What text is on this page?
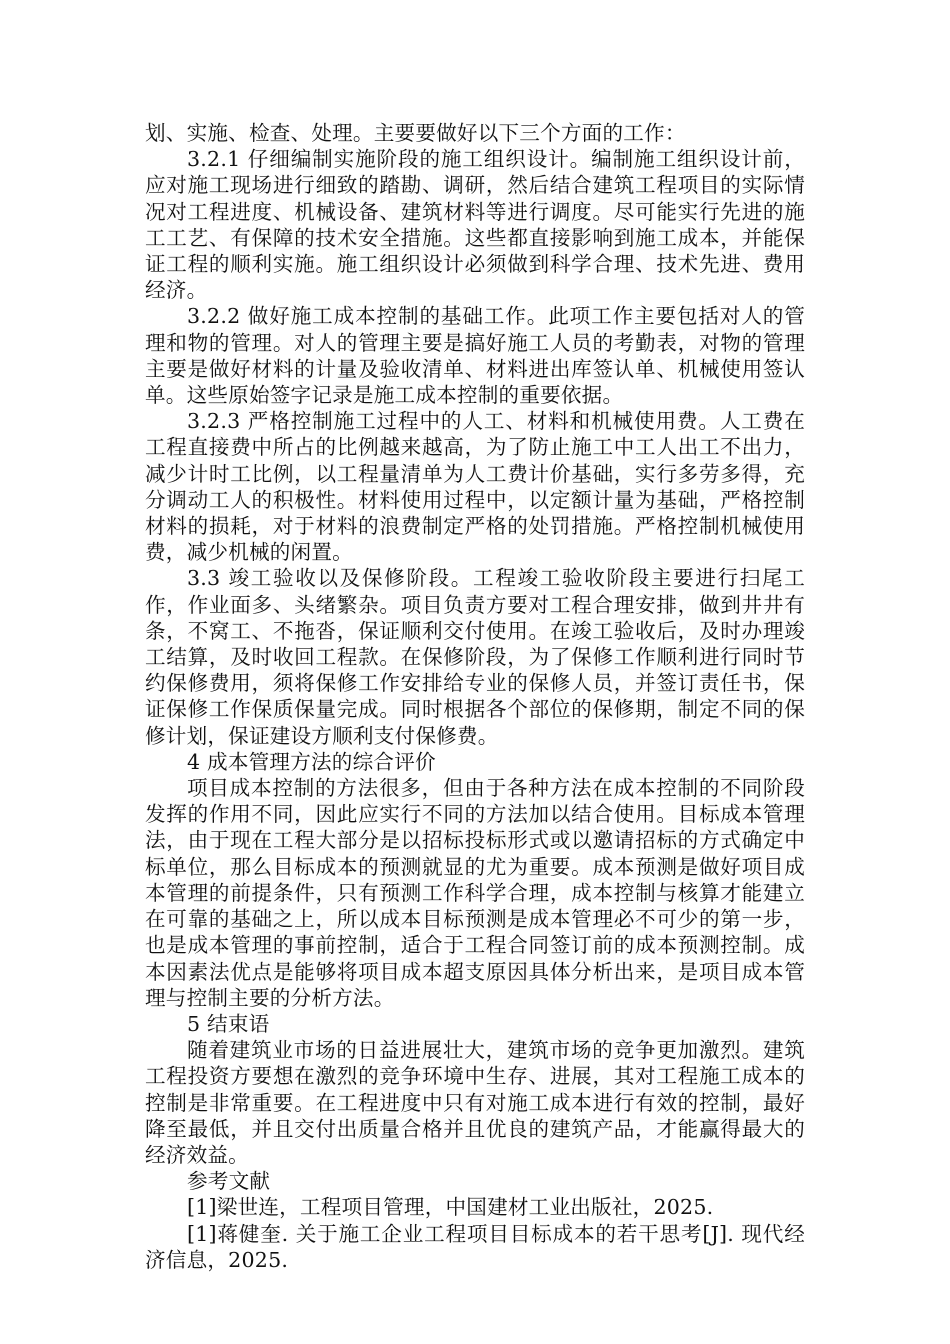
划、实施、检查、处理。主要要做好以下三个方面的工作：

3.2.1 仔细编制实施阶段的施工组织设计。编制施工组织设计前，应对施工现场进行细致的踏勘、调研，然后结合建筑工程项目的实际情况对工程进度、机械设备、建筑材料等进行调度。尽可能实行先进的施工工艺、有保障的技术安全措施。这些都直接影响到施工成本，并能保证工程的顺利实施。施工组织设计必须做到科学合理、技术先进、费用经济。

3.2.2 做好施工成本控制的基础工作。此项工作主要包括对人的管理和物的管理。对人的管理主要是搞好施工人员的考勤表，对物的管理主要是做好材料的计量及验收清单、材料进出库签认单、机械使用签认单。这些原始签字记录是施工成本控制的重要依据。

3.2.3 严格控制施工过程中的人工、材料和机械使用费。人工费在工程直接费中所占的比例越来越高，为了防止施工中工人出工不出力，减少计时工比例，以工程量清单为人工费计价基础，实行多劳多得，充分调动工人的积极性。材料使用过程中，以定额计量为基础，严格控制材料的损耗，对于材料的浪费制定严格的处罚措施。严格控制机械使用费，减少机械的闲置。

3.3 竣工验收以及保修阶段。工程竣工验收阶段主要进行扫尾工作，作业面多、头绪繁杂。项目负责方要对工程合理安排，做到井井有条，不窝工、不拖沓，保证顺利交付使用。在竣工验收后，及时办理竣工结算，及时收回工程款。在保修阶段，为了保修工作顺利进行同时节约保修费用，须将保修工作安排给专业的保修人员，并签订责任书，保证保修工作保质保量完成。同时根据各个部位的保修期，制定不同的保修计划，保证建设方顺利支付保修费。

4 成本管理方法的综合评价

项目成本控制的方法很多，但由于各种方法在成本控制的不同阶段发挥的作用不同，因此应实行不同的方法加以结合使用。目标成本管理法，由于现在工程大部分是以招标投标形式或以邀请招标的方式确定中标单位，那么目标成本的预测就显的尤为重要。成本预测是做好项目成本管理的前提条件，只有预测工作科学合理，成本控制与核算才能建立在可靠的基础之上，所以成本目标预测是成本管理必不可少的第一步，也是成本管理的事前控制，适合于工程合同签订前的成本预测控制。成本因素法优点是能够将项目成本超支原因具体分析出来，是项目成本管理与控制主要的分析方法。

5 结束语

随着建筑业市场的日益进展壮大，建筑市场的竞争更加激烈。建筑工程投资方要想在激烈的竞争环境中生存、进展，其对工程施工成本的控制是非常重要。在工程进度中只有对施工成本进行有效的控制，最好降至最低，并且交付出质量合格并且优良的建筑产品，才能赢得最大的经济效益。

参考文献

[1]梁世连，工程项目管理，中国建材工业出版社，2025.

[1]蒋健奎. 关于施工企业工程项目目标成本的若干思考[J]. 现代经济信息，2025.
